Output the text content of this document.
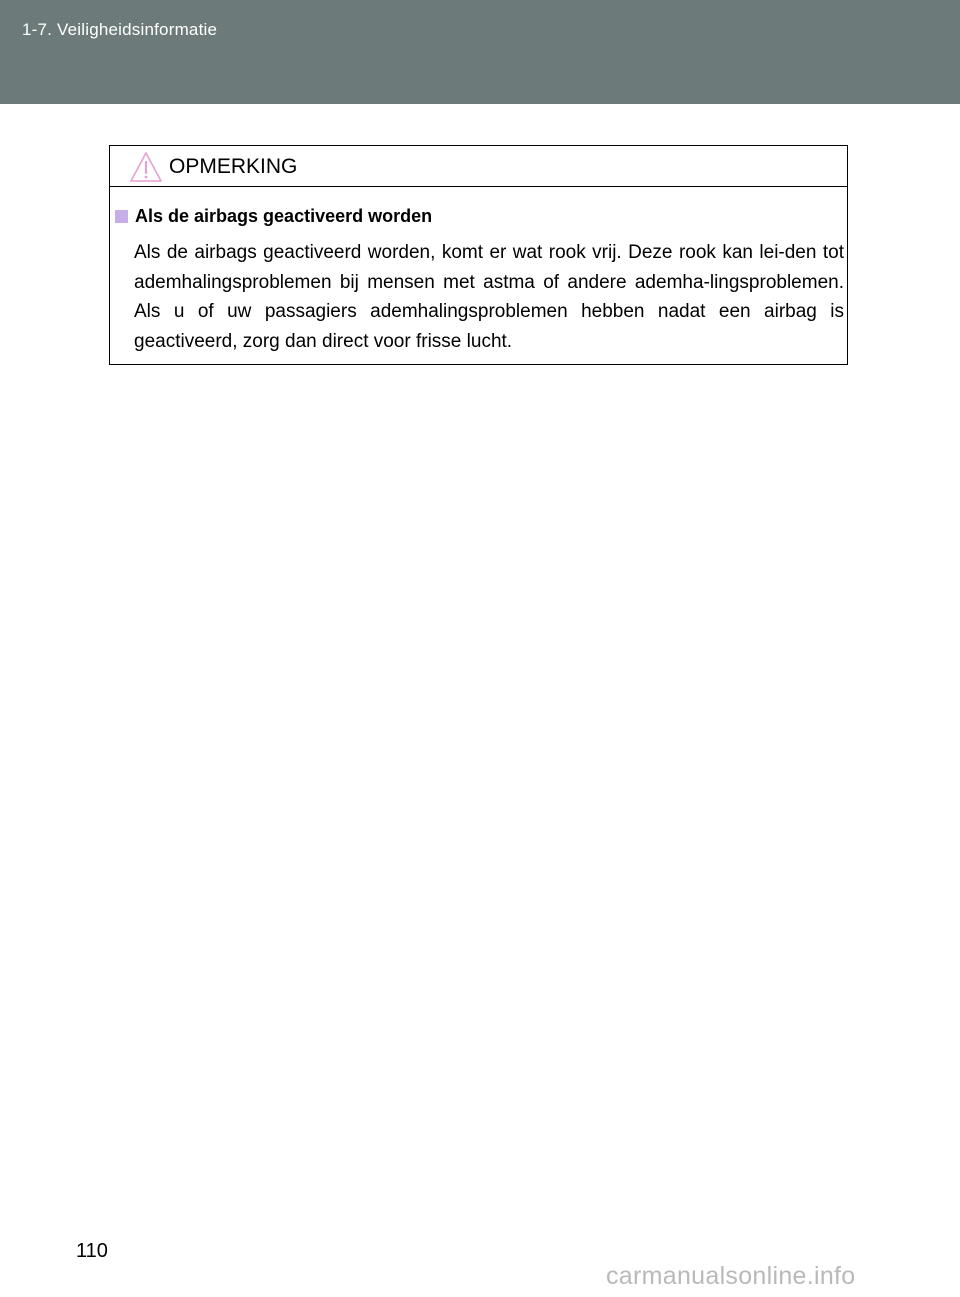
1-7. Veiligheidsinformatie
OPMERKING
Als de airbags geactiveerd worden

Als de airbags geactiveerd worden, komt er wat rook vrij. Deze rook kan lei-den tot ademhalingsproblemen bij mensen met astma of andere ademha-lingsproblemen. Als u of uw passagiers ademhalingsproblemen hebben nadat een airbag is geactiveerd, zorg dan direct voor frisse lucht.

110
carmanualsonline.info
